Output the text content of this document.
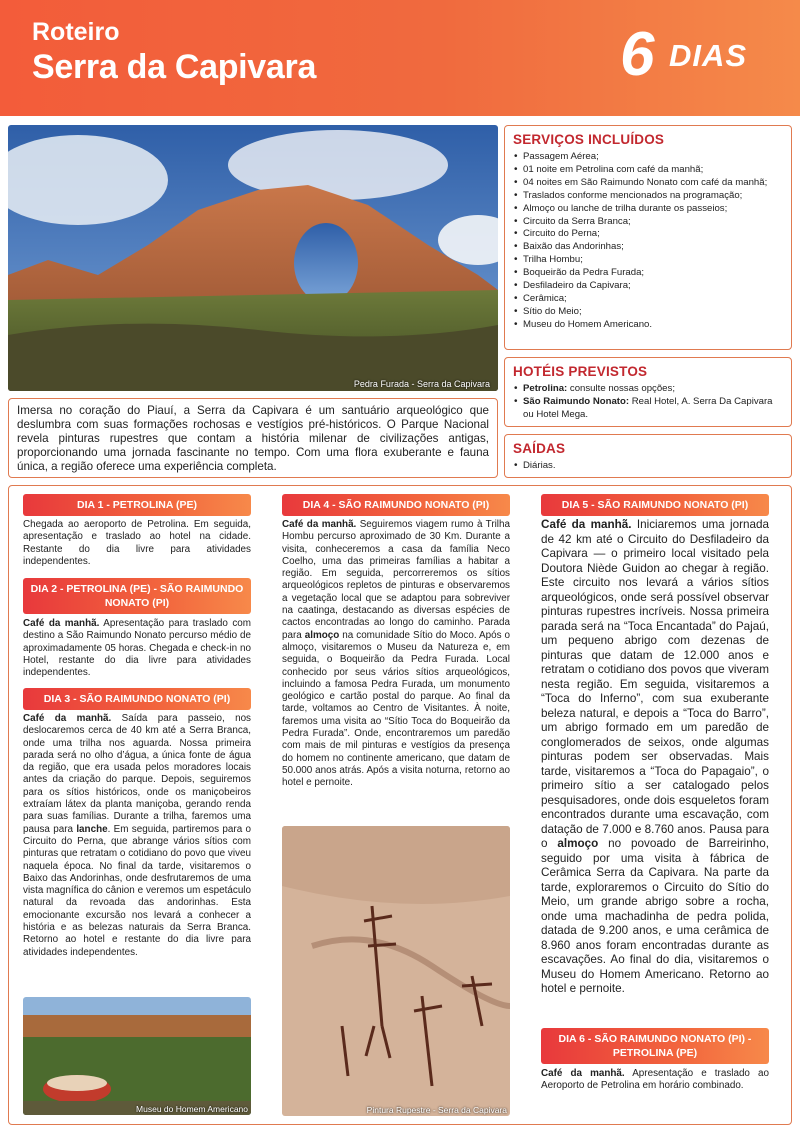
Roteiro
Serra da Capivara	6 DIAS
Pedra Furada - Serra da Capivara
Imersa no coração do Piauí, a Serra da Capivara é um santuário arqueológico que deslumbra com suas formações rochosas e vestígios pré-históricos. O Parque Nacional revela pinturas rupestres que contam a história milenar de civilizações antigas, proporcionando uma jornada fascinante no tempo. Com uma flora exuberante e fauna única, a região oferece uma experiência completa.
SERVIÇOS INCLUÍDOS
• Passagem Aérea;
• 01 noite em Petrolina com café da manhã;
• 04 noites em São Raimundo Nonato com café da manhã;
• Traslados conforme mencionados na programação;
• Almoço ou lanche de trilha durante os passeios;
• Circuito da Serra Branca;
• Circuito do Perna;
• Baixão das Andorinhas;
• Trilha Hombu;
• Boqueirão da Pedra Furada;
• Desfiladeiro da Capivara;
• Cerâmica;
• Sítio do Meio;
• Museu do Homem Americano.
HOTÉIS PREVISTOS
• Petrolina: consulte nossas opções;
• São Raimundo Nonato: Real Hotel, A. Serra Da Capivara ou Hotel Mega.
SAÍDAS
• Diárias.
DIA 1 - PETROLINA (PE)
Chegada ao aeroporto de Petrolina. Em seguida, apresentação e traslado ao hotel na cidade. Restante do dia livre para atividades independentes.
DIA 2 - PETROLINA (PE) - SÃO RAIMUNDO NONATO (PI)
Café da manhã. Apresentação para traslado com destino a São Raimundo Nonato percurso médio de aproximadamente 05 horas. Chegada e check-in no Hotel, restante do dia livre para atividades independentes.
DIA 3 - SÃO RAIMUNDO NONATO (PI)
Café da manhã. Saída para passeio, nos deslocaremos cerca de 40 km até a Serra Branca, onde uma trilha nos aguarda. Nossa primeira parada será no olho d’água, a única fonte de água da região, que era usada pelos moradores locais antes da criação do parque. Depois, seguiremos para os sítios históricos, onde os maniçobeiros extraíam látex da planta maniçoba, gerando renda para suas famílias. Durante a trilha, faremos uma pausa para lanche. Em seguida, partiremos para o Circuito do Perna, que abrange vários sítios com pinturas que retratam o cotidiano do povo que viveu naquela época. No final da tarde, visitaremos o Baixo das Andorinhas, onde desfrutaremos de uma vista magnífica do cânion e veremos um espetáculo natural da revoada das andorinhas. Esta emocionante excursão nos levará a conhecer a história e as belezas naturais da Serra Branca. Retorno ao hotel e restante do dia livre para atividades independentes.
Museu do Homem Americano
DIA 4 - SÃO RAIMUNDO NONATO (PI)
Café da manhã. Seguiremos viagem rumo à Trilha Hombu percurso aproximado de 30 Km. Durante a visita, conheceremos a casa da família Neco Coelho, uma das primeiras famílias a habitar a região. Em seguida, percorreremos os sítios arqueológicos repletos de pinturas e observaremos a vegetação local que se adaptou para sobreviver na caatinga, destacando as diversas espécies de cactos encontradas ao longo do caminho. Parada para almoço na comunidade Sítio do Moco. Após o almoço, visitaremos o Museu da Natureza e, em seguida, o Boqueirão da Pedra Furada. Local conhecido por seus vários sítios arqueológicos, incluindo a famosa Pedra Furada, um monumento geológico e cartão postal do parque. Ao final da tarde, voltamos ao Centro de Visitantes. À noite, faremos uma visita ao “Sítio Toca do Boqueirão da Pedra Furada”. Onde, encontraremos um paredão com mais de mil pinturas e vestígios da presença do homem no continente americano, que datam de 50.000 anos atrás. Após a visita noturna, retorno ao hotel e pernoite.
Pintura Rupestre - Serra da Capivara
DIA 5 - SÃO RAIMUNDO NONATO (PI)
Café da manhã. Iniciaremos uma jornada de 42 km até o Circuito do Desfiladeiro da Capivara — o primeiro local visitado pela Doutora Niède Guidon ao chegar à região. Este circuito nos levará a vários sítios arqueológicos, onde será possível observar pinturas rupestres incríveis. Nossa primeira parada será na “Toca Encantada” do Pajaú, um pequeno abrigo com dezenas de pinturas que datam de 12.000 anos e retratam o cotidiano dos povos que viveram nesta região. Em seguida, visitaremos a “Toca do Inferno”, com sua exuberante beleza natural, e depois a “Toca do Barro”, um abrigo formado em um paredão de conglomerados de seixos, onde algumas pinturas podem ser observadas. Mais tarde, visitaremos a “Toca do Papagaio”, o primeiro sítio a ser catalogado pelos pesquisadores, onde dois esqueletos foram encontrados durante uma escavação, com datação de 7.000 e 8.760 anos. Pausa para o almoço no povoado de Barreirinho, seguido por uma visita à fábrica de Cerâmica Serra da Capivara. Na parte da tarde, exploraremos o Circuito do Sítio do Meio, um grande abrigo sobre a rocha, onde uma machadinha de pedra polida, datada de 9.200 anos, e uma cerâmica de 8.960 anos foram encontradas durante as escavações. Ao final do dia, visitaremos o Museu do Homem Americano. Retorno ao hotel e pernoite.
DIA 6 - SÃO RAIMUNDO NONATO (PI) - PETROLINA (PE)
Café da manhã. Apresentação e traslado ao Aeroporto de Petrolina em horário combinado.
